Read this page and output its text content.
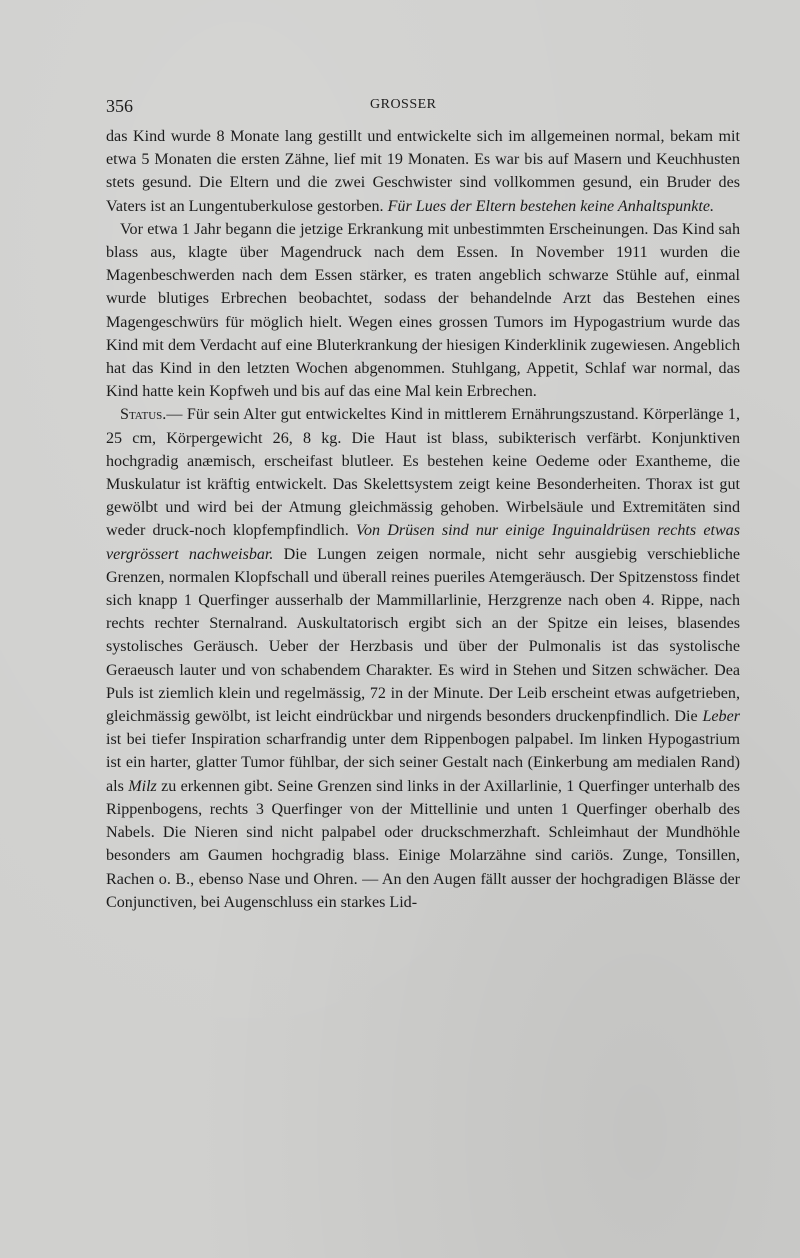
356	GROSSER

das Kind wurde 8 Monate lang gestillt und entwickelte sich im allgemeinen normal, bekam mit etwa 5 Monaten die ersten Zähne, lief mit 19 Monaten. Es war bis auf Masern und Keuchhusten stets gesund. Die Eltern und die zwei Geschwister sind vollkommen gesund, ein Bruder des Vaters ist an Lungentuberkulose gestorben. Für Lues der Eltern bestehen keine Anhaltspunkte.

Vor etwa 1 Jahr begann die jetzige Erkrankung mit unbestimmten Erscheinungen. Das Kind sah blass aus, klagte über Magendruck nach dem Essen. In November 1911 wurden die Magenbeschwerden nach dem Essen stärker, es traten angeblich schwarze Stühle auf, einmal wurde blutiges Erbrechen beobachtet, sodass der behandelnde Arzt das Bestehen eines Magengeschwürs für möglich hielt. Wegen eines grossen Tumors im Hypogastrium wurde das Kind mit dem Verdacht auf eine Bluterkrankung der hiesigen Kinderklinik zugewiesen. Angeblich hat das Kind in den letzten Wochen abgenommen. Stuhlgang, Appetit, Schlaf war normal, das Kind hatte kein Kopfweh und bis auf das eine Mal kein Erbrechen.

Status.— Für sein Alter gut entwickeltes Kind in mittlerem Ernährungszustand. Körperlänge 1, 25 cm, Körpergewicht 26, 8 kg. Die Haut ist blass, subikterisch verfärbt. Konjunktiven hochgradig anæmisch, erscheifast blutleer. Es bestehen keine Oedeme oder Exantheme, die Muskulatur ist kräftig entwickelt. Das Skelettsystem zeigt keine Besonderheiten. Thorax ist gut gewölbt und wird bei der Atmung gleichmässig gehoben. Wirbelsäule und Extremitäten sind weder druck-noch klopfempfindlich. Von Drüsen sind nur einige Inguinaldrüsen rechts etwas vergrössert nachweisbar. Die Lungen zeigen normale, nicht sehr ausgiebig verschiebliche Grenzen, normalen Klopfschall und überall reines pueriles Atemgeräusch. Der Spitzenstoss findet sich knapp 1 Querfinger ausserhalb der Mammillarlinie, Herzgrenze nach oben 4. Rippe, nach rechts rechter Sternalrand. Auskultatorisch ergibt sich an der Spitze ein leises, blasendes systolisches Geräusch. Ueber der Herzbasis und über der Pulmonalis ist das systolische Geraeusch lauter und von schabendem Charakter. Es wird in Stehen und Sitzen schwächer. Dea Puls ist ziemlich klein und regelmässig, 72 in der Minute. Der Leib erscheint etwas aufgetrieben, gleichmässig gewölbt, ist leicht eindrückbar und nirgends besonders druckenpfindlich. Die Leber ist bei tiefer Inspiration scharfrandig unter dem Rippenbogen palpabel. Im linken Hypogastrium ist ein harter, glatter Tumor fühlbar, der sich seiner Gestalt nach (Einkerbung am medialen Rand) als Milz zu erkennen gibt. Seine Grenzen sind links in der Axillarlinie, 1 Querfinger unterhalb des Rippenbogens, rechts 3 Querfinger von der Mittellinie und unten 1 Querfinger oberhalb des Nabels. Die Nieren sind nicht palpabel oder druckschmerzhaft. Schleimhaut der Mundhöhle besonders am Gaumen hochgradig blass. Einige Molarzähne sind cariös. Zunge, Tonsillen, Rachen o. B., ebenso Nase und Ohren. — An den Augen fällt ausser der hochgradigen Blässe der Conjunctiven, bei Augenschluss ein starkes Lid-
